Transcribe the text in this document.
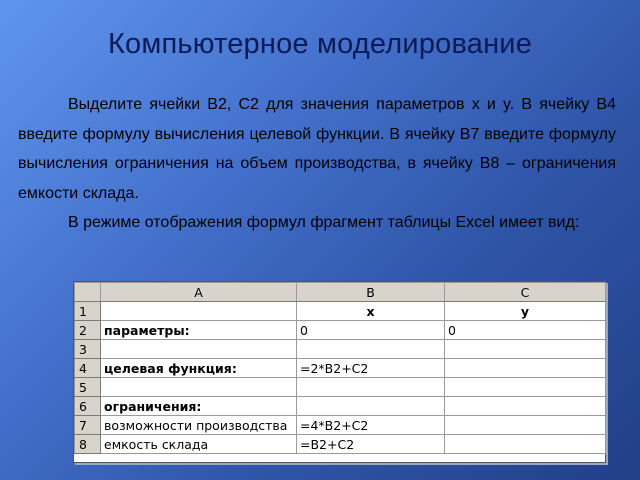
Компьютерное моделирование

Выделите ячейки В2, С2 для значения параметров x и y. В ячейку В4 введите формулу вычисления целевой функции. В ячейку В7 введите формулу вычисления ограничения на объем производства, в ячейку В8 – ограничения емкости склада.

В режиме отображения формул фрагмент таблицы Excel имеет вид:

	A	B	C
1		x	y
2	параметры:	0	0
3			
4	целевая функция:	=2*B2+C2	
5			
6	ограничения:		
7	возможности производства	=4*B2+C2	
8	емкость склада	=B2+C2	
